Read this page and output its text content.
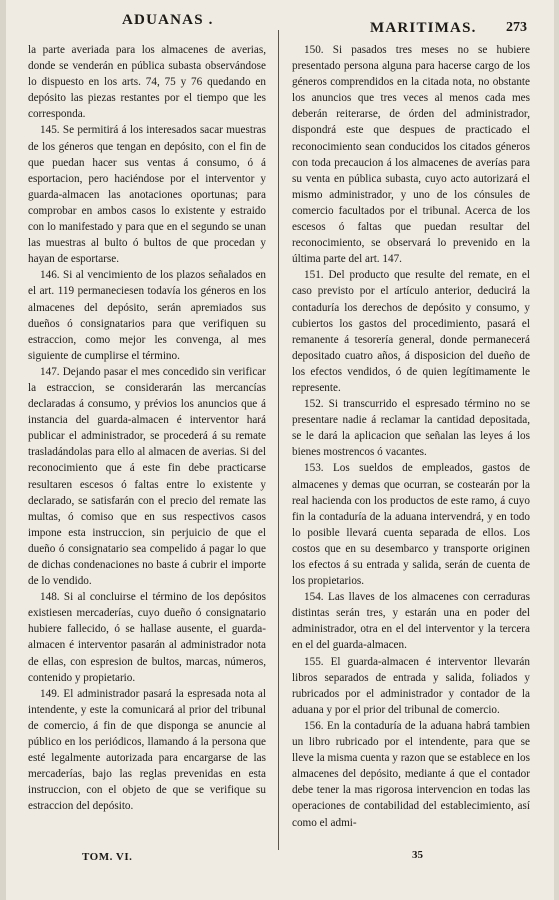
ADUANAS .	MARITIMAS. 273

la parte averiada para los almacenes de averias, donde se venderán en pública subasta observándose lo dispuesto en los arts. 74, 75 y 76 quedando en depósito las piezas restantes por el tiempo que les corresponda.

145. Se permitirá á los interesados sacar muestras de los géneros que tengan en depósito, con el fin de que puedan hacer sus ventas á consumo, ó á esportacion, pero haciéndose por el interventor y guarda-almacen las anotaciones oportunas; para comprobar en ambos casos lo existente y estraido con lo manifestado y para que en el segundo se unan las muestras al bulto ó bultos de que procedan y hayan de esportarse.

146. Si al vencimiento de los plazos señalados en el art. 119 permaneciesen todavía los géneros en los almacenes del depósito, serán apremiados sus dueños ó consignatarios para que verifiquen su estraccion, como mejor les convenga, al mes siguiente de cumplirse el término.

147. Dejando pasar el mes concedido sin verificar la estraccion, se considerarán las mercancías declaradas á consumo, y prévios los anuncios que á instancia del guarda-almacen é interventor hará publicar el administrador, se procederá á su remate trasladándolas para ello al almacen de averias. Si del reconocimiento que á este fin debe practicarse resultaren escesos ó faltas entre lo existente y declarado, se satisfarán con el precio del remate las multas, ó comiso que en sus respectivos casos impone esta instruccion, sin perjuicio de que el dueño ó consignatario sea compelido á pagar lo que de dichas condenaciones no baste á cubrir el importe de lo vendido.

148. Si al concluirse el término de los depósitos existiesen mercaderías, cuyo dueño ó consignatario hubiere fallecido, ó se hallase ausente, el guarda-almacen é interventor pasarán al administrador nota de ellas, con espresion de bultos, marcas, números, contenido y propietario.

149. El administrador pasará la espresada nota al intendente, y este la comunicará al prior del tribunal de comercio, á fin de que disponga se anuncie al público en los periódicos, llamando á la persona que esté legalmente autorizada para encargarse de las mercaderías, bajo las reglas prevenidas en esta instruccion, con el objeto de que se verifique su estraccion del depósito.

150. Si pasados tres meses no se hubiere presentado persona alguna para hacerse cargo de los géneros comprendidos en la citada nota, no obstante los anuncios que tres veces al menos cada mes deberán reiterarse, de órden del administrador, dispondrá este que despues de practicado el reconocimiento sean conducidos los citados géneros con toda precaucion á los almacenes de averías para su venta en pública subasta, cuyo acto autorizará el mismo administrador, y uno de los cónsules de comercio facultados por el tribunal. Acerca de los escesos ó faltas que puedan resultar del reconocimiento, se observará lo prevenido en la última parte del art. 147.

151. Del producto que resulte del remate, en el caso previsto por el artículo anterior, deducirá la contaduría los derechos de depósito y consumo, y cubiertos los gastos del procedimiento, pasará el remanente á tesorería general, donde permanecerá depositado cuatro años, á disposicion del dueño de los efectos vendidos, ó de quien legítimamente le represente.

152. Si transcurrido el espresado término no se presentare nadie á reclamar la cantidad depositada, se le dará la aplicacion que señalan las leyes á los bienes mostrencos ó vacantes.

153. Los sueldos de empleados, gastos de almacenes y demas que ocurran, se costearán por la real hacienda con los productos de este ramo, á cuyo fin la contaduría de la aduana intervendrá, y en todo lo posible llevará cuenta separada de ellos. Los costos que en su desembarco y transporte originen los efectos á su entrada y salida, serán de cuenta de los propietarios.

154. Las llaves de los almacenes con cerraduras distintas serán tres, y estarán una en poder del administrador, otra en el del interventor y la tercera en el del guarda-almacen.

155. El guarda-almacen é interventor llevarán libros separados de entrada y salida, foliados y rubricados por el administrador y contador de la aduana y por el prior del tribunal de comercio.

156. En la contaduría de la aduana habrá tambien un libro rubricado por el intendente, para que se lleve la misma cuenta y razon que se establece en los almacenes del depósito, mediante á que el contador debe tener la mas rigorosa intervencion en todas las operaciones de contabilidad del establecimiento, así como el admi-

TOM. VI.	35
